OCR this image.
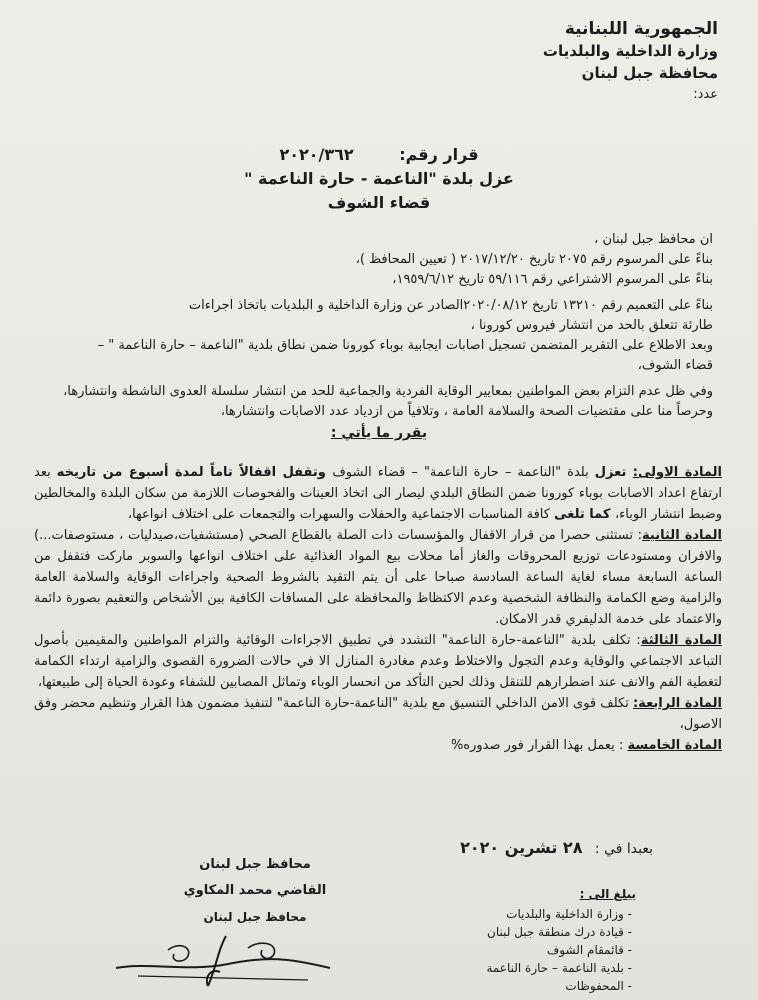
الجمهورية اللبنانية
وزارة الداخلية والبلديات
محافظة جبل لبنان
عدد:
قرار رقم: ٢٠٢٠/٣٦٢
عزل بلدة "الناعمة - حارة الناعمة "
قضاء الشوف
ان محافظ جبل لبنان ،
بناءً على المرسوم رقم ٢٠٧٥ تاريخ ٢٠١٧/١٢/٢٠ ( تعيين المحافظ )،
بناءً على المرسوم الاشتراعي رقم ٥٩/١١٦ تاريخ ١٩٥٩/٦/١٢،
بناءً على التعميم رقم ١٣٢١٠ تاريخ ٢٠٢٠/٠٨/١٢الصادر عن وزارة الداخلية و البلديات باتخاذ اجراءات
طارئة تتعلق بالحد من انتشار فيروس كورونا ،
وبعد الاطلاع على التقرير المتضمن تسجيل اصابات ايجابية بوباء كورونا ضمن نطاق بلدية "الناعمة – حارة الناعمة " –
قضاء الشوف،
وفي ظل عدم التزام بعض المواطنين بمعايير الوقاية الفردية والجماعية للحد من انتشار سلسلة العدوى الناشطة وانتشارها،
وحرصاً منا على مقتضيات الصحة والسلامة العامة ، وتلافياً من ازدياد عدد الاصابات وانتشارها،
يقرر ما يأتي :
المادة الاولى: تعزل بلدة "الناعمة – حارة الناعمة" – قضاء الشوف وتقفل اقفالاً تاماً لمدة أسبوع من تاريخه بعد ارتفاع اعداد الاصابات بوباء كورونا ضمن النطاق البلدي ليصار الى اتخاذ العينات والفحوصات اللازمة من سكان البلدة والمخالطين وضبط انتشار الوباء، كما تلغى كافة المناسبات الاجتماعية والحفلات والسهرات والتجمعات على اختلاف انواعها،
المادة الثانية: تستثنى حصرا من قرار الاقفال والمؤسسات ذات الصلة بالقطاع الصحي (مستشفيات،صيدليات ، مستوصفات...) والافران ومستودعات توزيع المحروقات والغاز أما محلات بيع المواد الغذائية على اختلاف انواعها والسوبر ماركت فتقفل من الساعة السابعة مساء لغاية الساعة السادسة صباحا على أن يتم التقيد بالشروط الصحية واجراءات الوقاية والسلامة العامة والزامية وضع الكمامة والنظافة الشخصية وعدم الاكتظاظ والمحافظة على المسافات الكافية بين الأشخاص والتعقيم بصورة دائمة والاعتماد على خدمة الدليفري قدر الامكان.
المادة الثالثة: تكلف بلدية "الناعمة-حارة الناعمة" التشدد في تطبيق الاجراءات الوقائية والتزام المواطنين والمقيمين بأصول التباعد الاجتماعي والوقاية وعدم التجول والاختلاط وعدم مغادرة المنازل الا في حالات الضرورة القصوى والزامية ارتداء الكمامة لتغطية الفم والانف عند اضطرارهم للتنقل وذلك لحين التأكد من انحسار الوباء وتماثل المصابين للشفاء وعودة الحياة إلى طبيعتها،
المادة الرابعة: تكلف قوى الامن الداخلي التنسيق مع بلدية "الناعمة-حارة الناعمة" لتنفيذ مضمون هذا القرار وتنظيم محضر وفق الاصول،
المادة الخامسة : يعمل بهذا القرار فور صدوره%
بعبدا في : ٢٨ تشرين ٢٠٢٠
محافظ جبل لبنان
القاضي محمد المكاوي
محافظ جبل لبنان
يبلغ الى :
- وزارة الداخلية والبلديات
- قيادة درك منطقة جبل لبنان
- قائمقام الشوف
- بلدية الناعمة – حارة الناعمة
- المحفوظات
